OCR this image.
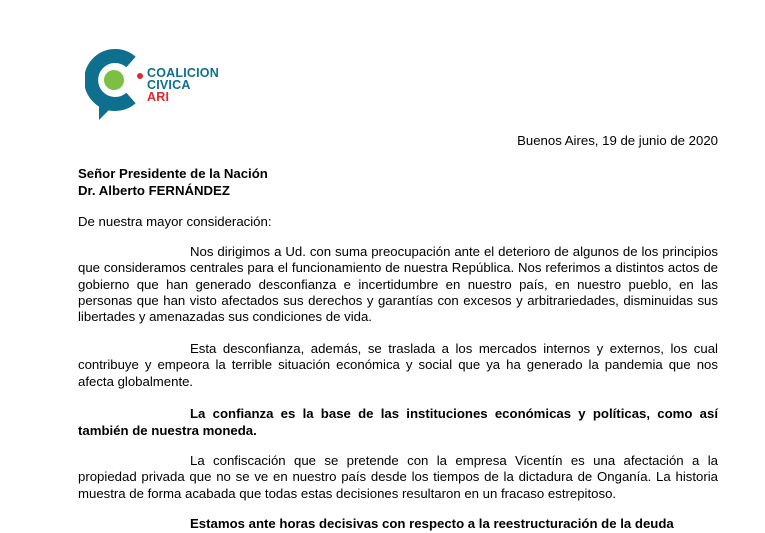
COALICION
CIVICA
ARI
Buenos Aires, 19 de junio de 2020
Señor Presidente de la Nación
Dr. Alberto FERNÁNDEZ
De nuestra mayor consideración:

Nos dirigimos a Ud. con suma preocupación ante el deterioro de algunos de los principios que consideramos centrales para el funcionamiento de nuestra República. Nos referimos a distintos actos de gobierno que han generado desconfianza e incertidumbre en nuestro país, en nuestro pueblo, en las personas que han visto afectados sus derechos y garantías con excesos y arbitrariedades, disminuidas sus libertades y amenazadas sus condiciones de vida.

Esta desconfianza, además, se traslada a los mercados internos y externos, los cual contribuye y empeora la terrible situación económica y social que ya ha generado la pandemia que nos afecta globalmente.

La confianza es la base de las instituciones económicas y políticas, como así también de nuestra moneda.

La confiscación que se pretende con la empresa Vicentín es una afectación a la propiedad privada que no se ve en nuestro país desde los tiempos de la dictadura de Onganía. La historia muestra de forma acabada que todas estas decisiones resultaron en un fracaso estrepitoso.

Estamos ante horas decisivas con respecto a la reestructuración de la deuda
